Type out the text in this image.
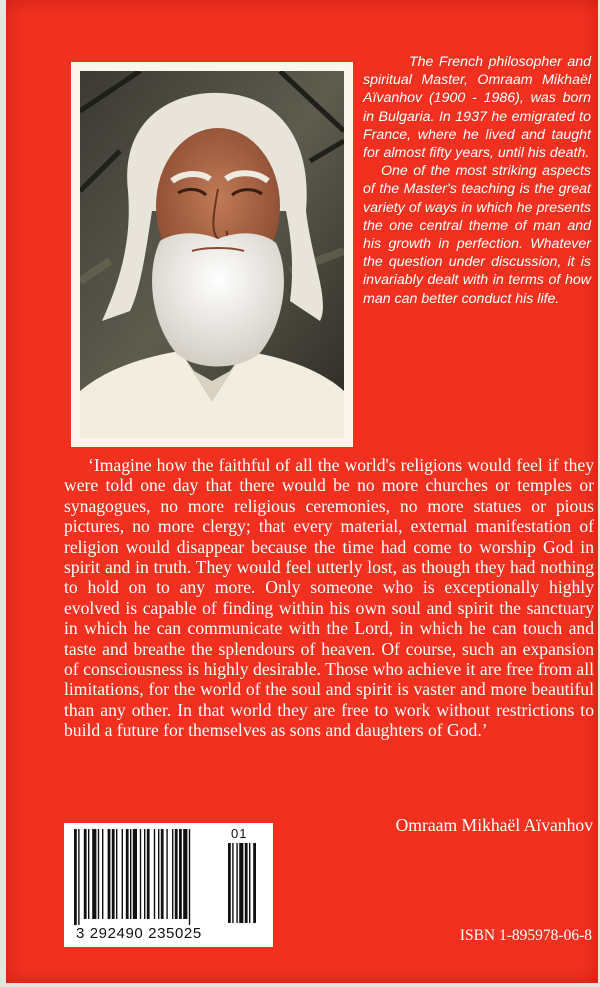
The French philosopher and spiritual Master, Omraam Mikhaël Aïvanhov (1900 - 1986), was born in Bulgaria. In 1937 he emigrated to France, where he lived and taught for almost fifty years, until his death.

One of the most striking aspects of the Master's teaching is the great variety of ways in which he presents the one central theme of man and his growth in perfection. Whatever the question under discussion, it is invariably dealt with in terms of how man can better conduct his life.

‘Imagine how the faithful of all the world's religions would feel if they were told one day that there would be no more churches or temples or synagogues, no more religious ceremonies, no more statues or pious pictures, no more clergy; that every material, external manifestation of religion would disappear because the time had come to worship God in spirit and in truth. They would feel utterly lost, as though they had nothing to hold on to any more. Only someone who is exceptionally highly evolved is capable of finding within his own soul and spirit the sanctuary in which he can communicate with the Lord, in which he can touch and taste and breathe the splendours of heaven. Of course, such an expansion of consciousness is highly desirable. Those who achieve it are free from all limitations, for the world of the soul and spirit is vaster and more beautiful than any other. In that world they are free to work without restrictions to build a future for themselves as sons and daughters of God.’

Omraam Mikhaël Aïvanhov
01
3 292490 235025	ISBN 1-895978-06-8
